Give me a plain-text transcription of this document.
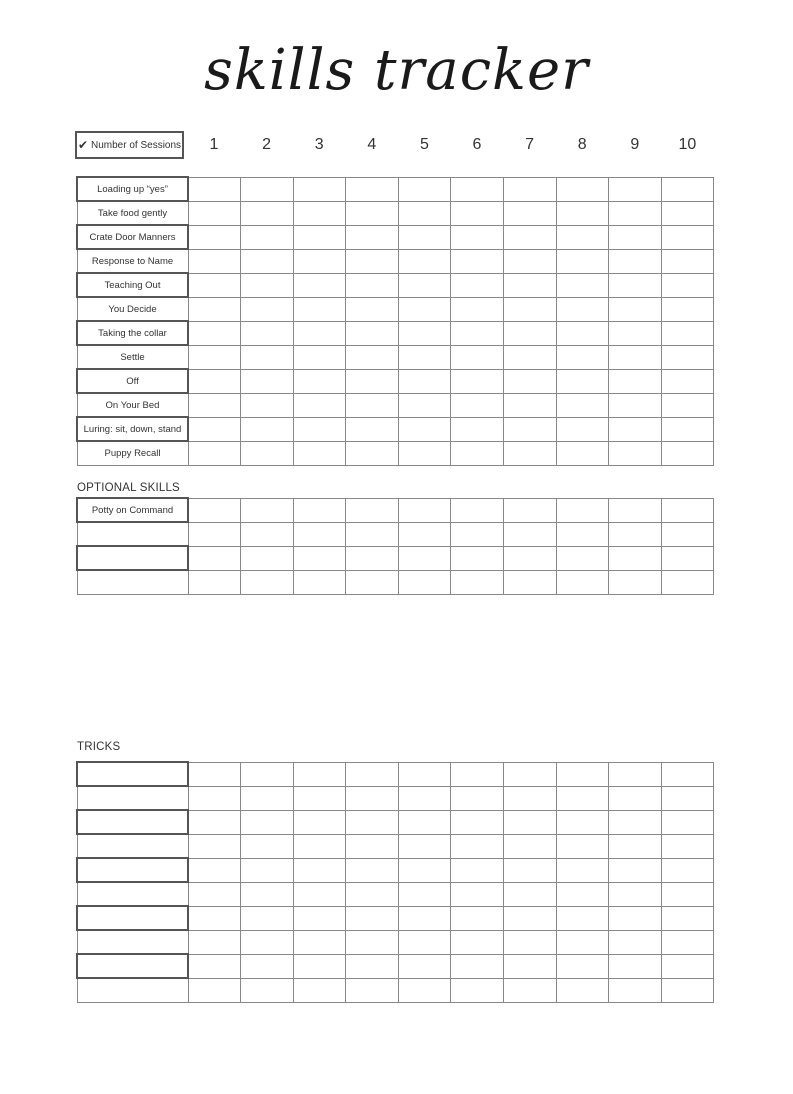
skills tracker
✔ Number of Sessions	1	2	3	4	5	6	7	8	9	10
Loading up “yes”										
Take food gently										
Crate Door Manners										
Response to Name										
Teaching Out										
You Decide										
Taking the collar										
Settle										
Off										
On Your Bed										
Luring: sit, down, stand										
Puppy Recall										
OPTIONAL SKILLS
Potty on Command										

TRICKS
